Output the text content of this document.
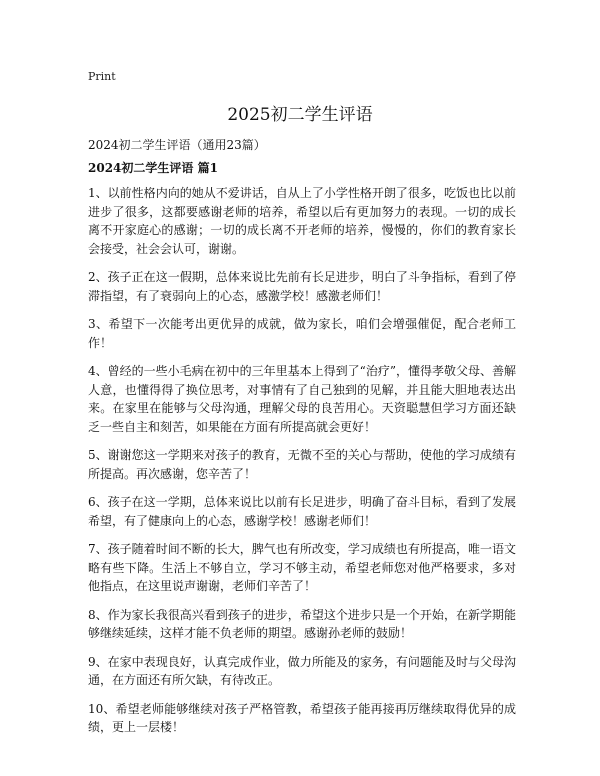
Print
2025初二学生评语

2024初二学生评语（通用23篇）

2024初二学生评语 篇1

1、以前性格内向的她从不爱讲话，自从上了小学性格开朗了很多，吃饭也比以前进步了很多，这都要感谢老师的培养，希望以后有更加努力的表现。一切的成长离不开家庭心的感谢；一切的成长离不开老师的培养，慢慢的，你们的教育家长会接受，社会会认可，谢谢。

2、孩子正在这一假期，总体来说比先前有长足进步，明白了斗争指标，看到了停滞指望，有了衰弱向上的心态，感激学校！感激老师们！

3、希望下一次能考出更优异的成就，做为家长，咱们会增强催促，配合老师工作！

4、曾经的一些小毛病在初中的三年里基本上得到了“治疗”，懂得孝敬父母、善解人意，也懂得得了换位思考，对事情有了自己独到的见解，并且能大胆地表达出来。在家里在能够与父母沟通，理解父母的良苦用心。天资聪慧但学习方面还缺乏一些自主和刻苦，如果能在方面有所提高就会更好！

5、谢谢您这一学期来对孩子的教育，无微不至的关心与帮助，使他的学习成绩有所提高。再次感谢，您辛苦了！

6、孩子在这一学期，总体来说比以前有长足进步，明确了奋斗目标，看到了发展希望，有了健康向上的心态，感谢学校！感谢老师们！

7、孩子随着时间不断的长大，脾气也有所改变，学习成绩也有所提高，唯一语文略有些下降。生活上不够自立，学习不够主动，希望老师您对他严格要求，多对他指点，在这里说声谢谢，老师们辛苦了！

8、作为家长我很高兴看到孩子的进步，希望这个进步只是一个开始，在新学期能够继续延续，这样才能不负老师的期望。感谢孙老师的鼓励！

9、在家中表现良好，认真完成作业，做力所能及的家务，有问题能及时与父母沟通，在方面还有所欠缺，有待改正。

10、希望老师能够继续对孩子严格管教，希望孩子能再接再厉继续取得优异的成绩，更上一层楼！
